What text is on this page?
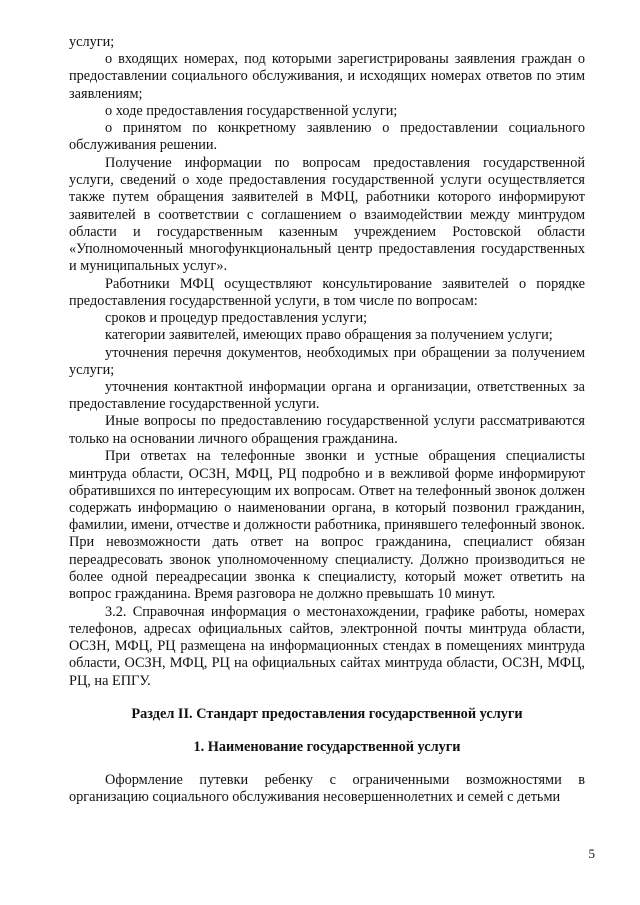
услуги;

о входящих номерах, под которыми зарегистрированы заявления граждан о предоставлении социального обслуживания, и исходящих номерах ответов по этим заявлениям;

о ходе предоставления государственной услуги;

о принятом по конкретному заявлению о предоставлении социального обслуживания решении.

Получение информации по вопросам предоставления государственной услуги, сведений о ходе предоставления государственной услуги осуществляется также путем обращения заявителей в МФЦ, работники которого информируют заявителей в соответствии с соглашением о взаимодействии между минтрудом области и государственным казенным учреждением Ростовской области «Уполномоченный многофункциональный центр предоставления государственных и муниципальных услуг».

Работники МФЦ осуществляют консультирование заявителей о порядке предоставления государственной услуги, в том числе по вопросам:

сроков и процедур предоставления услуги;

категории заявителей, имеющих право обращения за получением услуги;

уточнения перечня документов, необходимых при обращении за получением услуги;

уточнения контактной информации органа и организации, ответственных за предоставление государственной услуги.

Иные вопросы по предоставлению государственной услуги рассматриваются только на основании личного обращения гражданина.

При ответах на телефонные звонки и устные обращения специалисты минтруда области, ОСЗН, МФЦ, РЦ подробно и в вежливой форме информируют обратившихся по интересующим их вопросам. Ответ на телефонный звонок должен содержать информацию о наименовании органа, в который позвонил гражданин, фамилии, имени, отчестве и должности работника, принявшего телефонный звонок. При невозможности дать ответ на вопрос гражданина, специалист обязан переадресовать звонок уполномоченному специалисту. Должно производиться не более одной переадресации звонка к специалисту, который может ответить на вопрос гражданина. Время разговора не должно превышать 10 минут.

3.2. Справочная информация о местонахождении, графике работы, номерах телефонов, адресах официальных сайтов, электронной почты минтруда области, ОСЗН, МФЦ, РЦ размещена на информационных стендах в помещениях минтруда области, ОСЗН, МФЦ, РЦ на официальных сайтах минтруда области, ОСЗН, МФЦ, РЦ, на ЕПГУ.

Раздел II. Стандарт предоставления государственной услуги

1. Наименование государственной услуги

Оформление путевки ребенку с ограниченными возможностями в организацию социального обслуживания несовершеннолетних и семей с детьми

5
